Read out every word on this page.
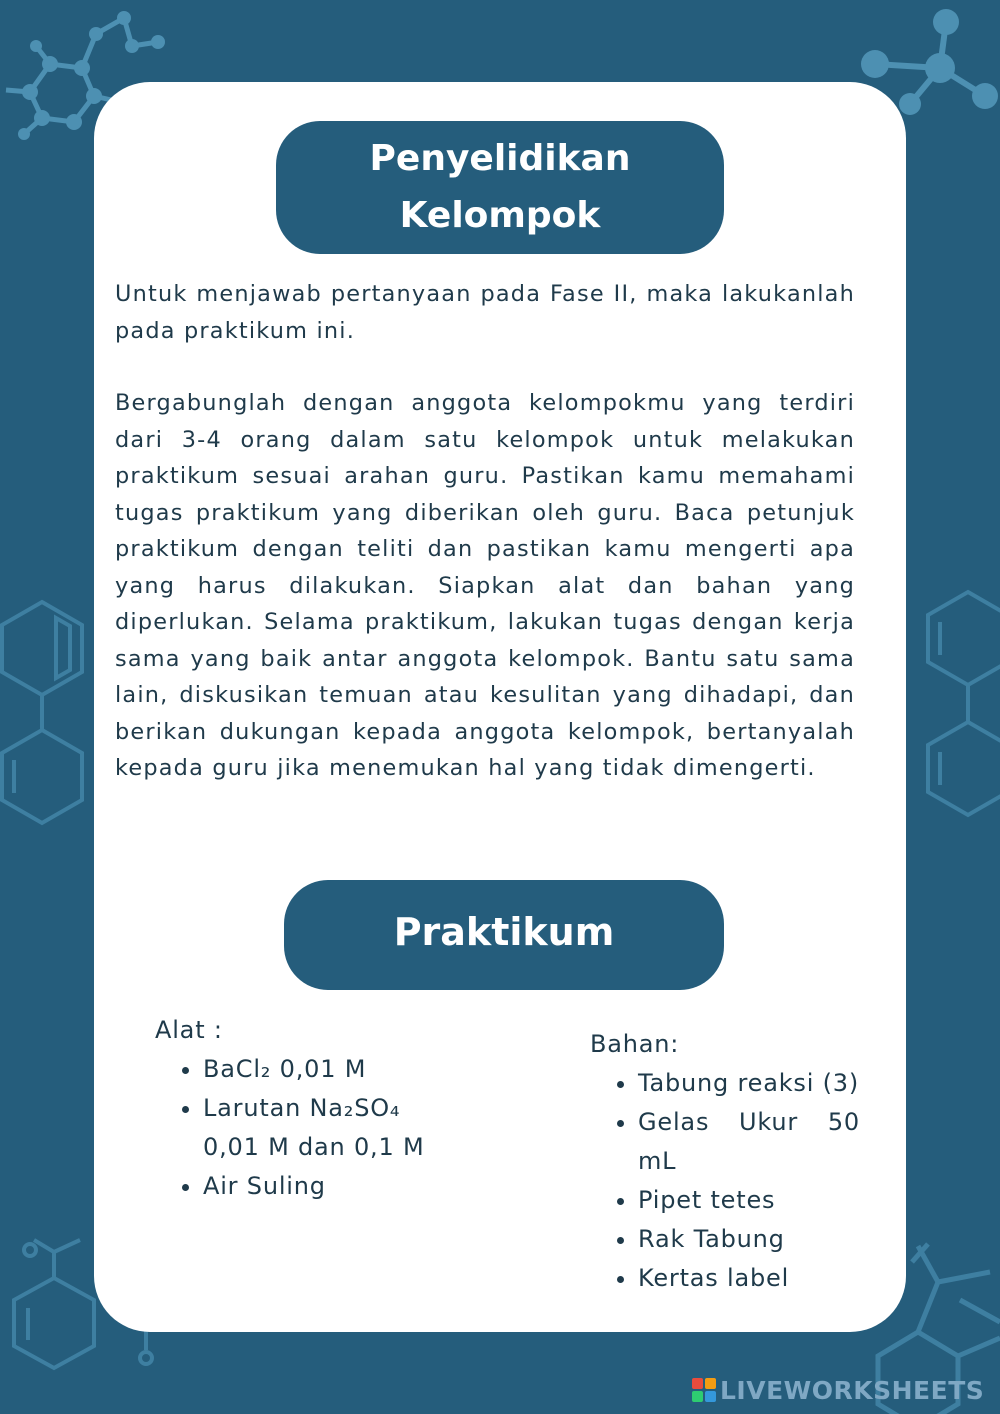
Penyelidikan
Kelompok

Untuk menjawab pertanyaan pada Fase II, maka lakukanlah pada praktikum ini.

Bergabunglah dengan anggota kelompokmu yang terdiri dari 3-4 orang dalam satu kelompok untuk melakukan praktikum sesuai arahan guru. Pastikan kamu memahami tugas praktikum yang diberikan oleh guru. Baca petunjuk praktikum dengan teliti dan pastikan kamu mengerti apa yang harus dilakukan. Siapkan alat dan bahan yang diperlukan. Selama praktikum, lakukan tugas dengan kerja sama yang baik antar anggota kelompok. Bantu satu sama lain, diskusikan temuan atau kesulitan yang dihadapi, dan berikan dukungan kepada anggota kelompok, bertanyalah kepada guru jika menemukan hal yang tidak dimengerti.

Praktikum
Alat :
• BaCl₂ 0,01 M
• Larutan Na₂SO₄ 0,01 M dan 0,1 M
• Air Suling
Bahan:
• Tabung reaksi (3)
• Gelas Ukur 50 mL
• Pipet tetes
• Rak Tabung
• Kertas label
LIVEWORKSHEETS
